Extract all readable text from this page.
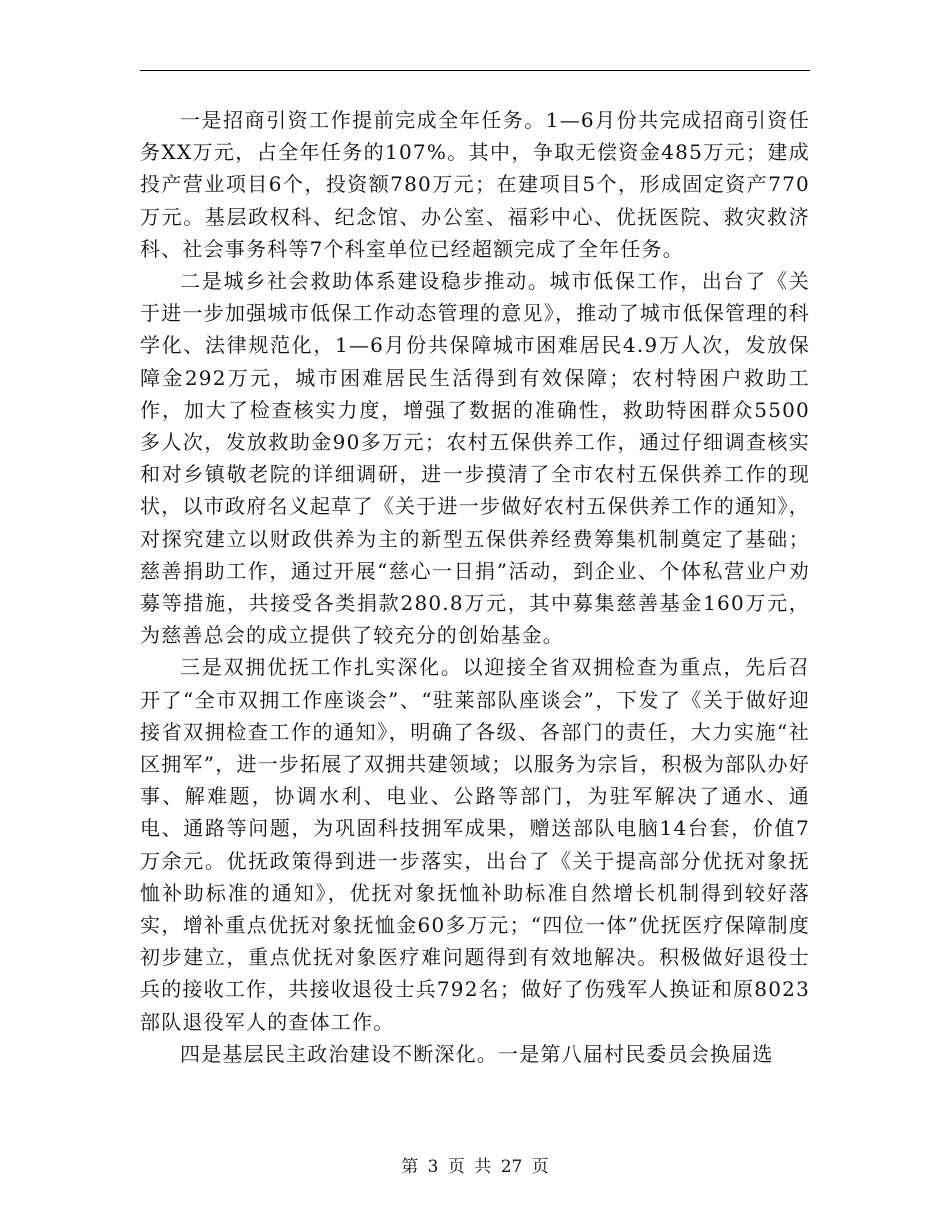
一是招商引资工作提前完成全年任务。1—6月份共完成招商引资任务XX万元，占全年任务的107%。其中，争取无偿资金485万元；建成投产营业项目6个，投资额780万元；在建项目5个，形成固定资产770万元。基层政权科、纪念馆、办公室、福彩中心、优抚医院、救灾救济科、社会事务科等7个科室单位已经超额完成了全年任务。

二是城乡社会救助体系建设稳步推动。城市低保工作，出台了《关于进一步加强城市低保工作动态管理的意见》，推动了城市低保管理的科学化、法律规范化，1—6月份共保障城市困难居民4.9万人次，发放保障金292万元，城市困难居民生活得到有效保障；农村特困户救助工作，加大了检查核实力度，增强了数据的准确性，救助特困群众5500多人次，发放救助金90多万元；农村五保供养工作，通过仔细调查核实和对乡镇敬老院的详细调研，进一步摸清了全市农村五保供养工作的现状，以市政府名义起草了《关于进一步做好农村五保供养工作的通知》，对探究建立以财政供养为主的新型五保供养经费筹集机制奠定了基础；慈善捐助工作，通过开展“慈心一日捐”活动，到企业、个体私营业户劝募等措施，共接受各类捐款280.8万元，其中募集慈善基金160万元，为慈善总会的成立提供了较充分的创始基金。

三是双拥优抚工作扎实深化。以迎接全省双拥检查为重点，先后召开了“全市双拥工作座谈会”、“驻莱部队座谈会”，下发了《关于做好迎接省双拥检查工作的通知》，明确了各级、各部门的责任，大力实施“社区拥军”，进一步拓展了双拥共建领域；以服务为宗旨，积极为部队办好事、解难题，协调水利、电业、公路等部门，为驻军解决了通水、通电、通路等问题，为巩固科技拥军成果，赠送部队电脑14台套，价值7万余元。优抚政策得到进一步落实，出台了《关于提高部分优抚对象抚恤补助标准的通知》，优抚对象抚恤补助标准自然增长机制得到较好落实，增补重点优抚对象抚恤金60多万元；“四位一体”优抚医疗保障制度初步建立，重点优抚对象医疗难问题得到有效地解决。积极做好退役士兵的接收工作，共接收退役士兵792名；做好了伤残军人换证和原8023部队退役军人的查体工作。

四是基层民主政治建设不断深化。一是第八届村民委员会换届选

第 3 页 共 27 页
